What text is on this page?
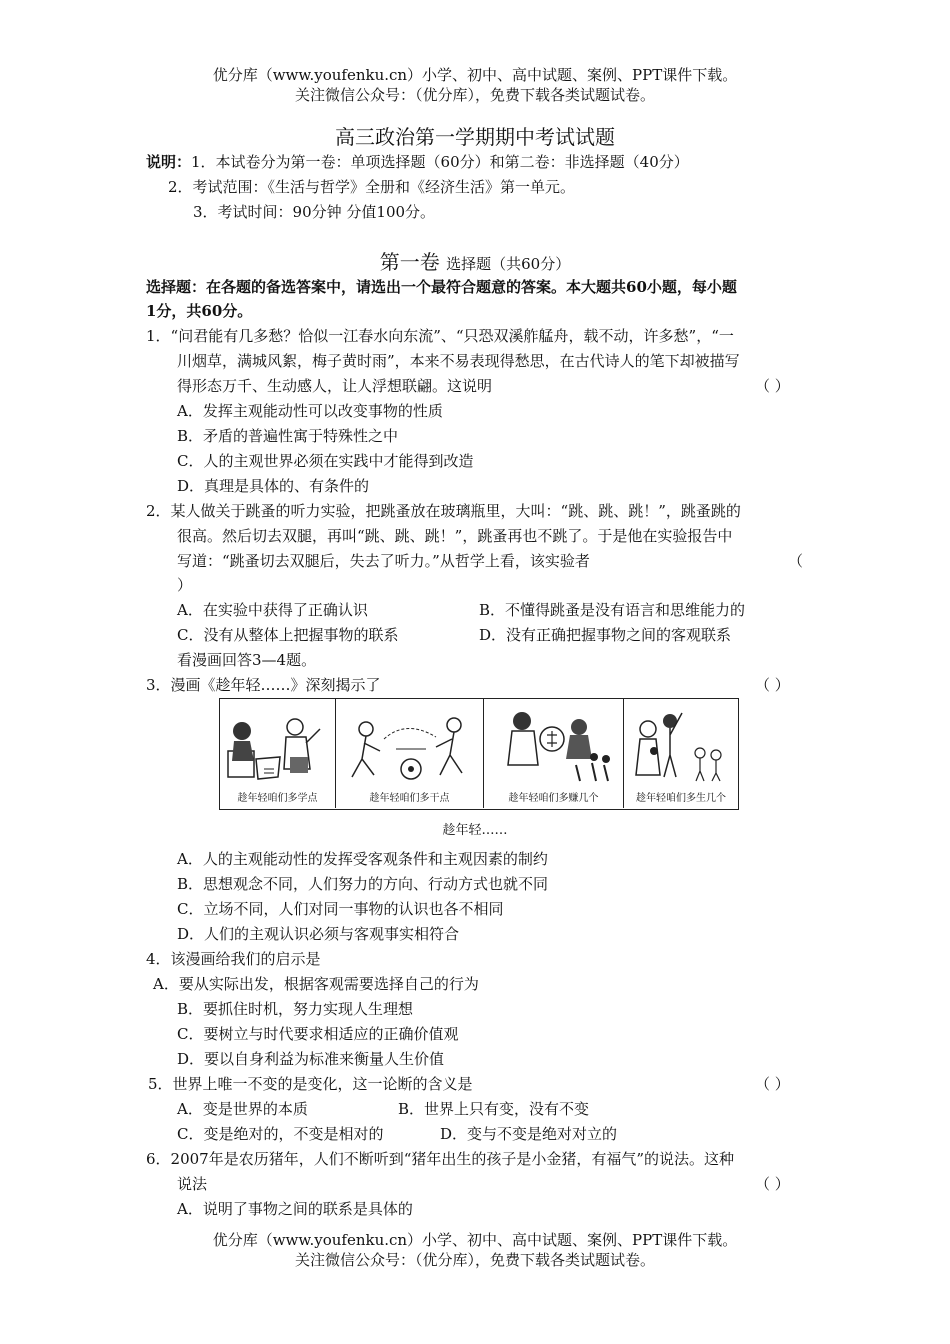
优分库（www.youfenku.cn）小学、初中、高中试题、案例、PPT课件下载。
关注微信公众号：（优分库），免费下载各类试题试卷。
高三政治第一学期期中考试试题
说明：1．本试卷分为第一卷：单项选择题（60分）和第二卷：非选择题（40分）
2．考试范围：《生活与哲学》全册和《经济生活》第一单元。
3．考试时间：90分钟 分值100分。
第一卷 选择题（共60分）
选择题：在各题的备选答案中，请选出一个最符合题意的答案。本大题共60小题，每小题
1分，共60分。
1．“问君能有几多愁？恰似一江春水向东流”、“只恐双溪舴艋舟，载不动，许多愁”，“一
川烟草，满城风絮，梅子黄时雨”，本来不易表现得愁思，在古代诗人的笔下却被描写
得形态万千、生动感人，让人浮想联翩。这说明	（ ）
A．发挥主观能动性可以改变事物的性质
B．矛盾的普遍性寓于特殊性之中
C．人的主观世界必须在实践中才能得到改造
D．真理是具体的、有条件的
2．某人做关于跳蚤的听力实验，把跳蚤放在玻璃瓶里，大叫：“跳、跳、跳！”，跳蚤跳的
很高。然后切去双腿，再叫“跳、跳、跳！”，跳蚤再也不跳了。于是他在实验报告中
写道：“跳蚤切去双腿后，失去了听力。”从哲学上看，该实验者	（
）
A．在实验中获得了正确认识	B．不懂得跳蚤是没有语言和思维能力的
C．没有从整体上把握事物的联系	D．没有正确把握事物之间的客观联系
看漫画回答3—4题。
3．漫画《趁年轻……》深刻揭示了	（ ）
趁年轻咱们多学点	趁年轻咱们多干点	趁年轻咱们多赚几个	趁年轻咱们多生几个
趁年轻……
A．人的主观能动性的发挥受客观条件和主观因素的制约
B．思想观念不同，人们努力的方向、行动方式也就不同
C．立场不同，人们对同一事物的认识也各不相同
D．人们的主观认识必须与客观事实相符合
4．该漫画给我们的启示是
A．要从实际出发，根据客观需要选择自己的行为
B．要抓住时机，努力实现人生理想
C．要树立与时代要求相适应的正确价值观
D．要以自身利益为标准来衡量人生价值
5．世界上唯一不变的是变化，这一论断的含义是	（ ）
A．变是世界的本质	B．世界上只有变，没有不变
C．变是绝对的，不变是相对的	D．变与不变是绝对对立的
6．2007年是农历猪年，人们不断听到“猪年出生的孩子是小金猪，有福气”的说法。这种
说法	（ ）
A．说明了事物之间的联系是具体的
优分库（www.youfenku.cn）小学、初中、高中试题、案例、PPT课件下载。
关注微信公众号：（优分库），免费下载各类试题试卷。
